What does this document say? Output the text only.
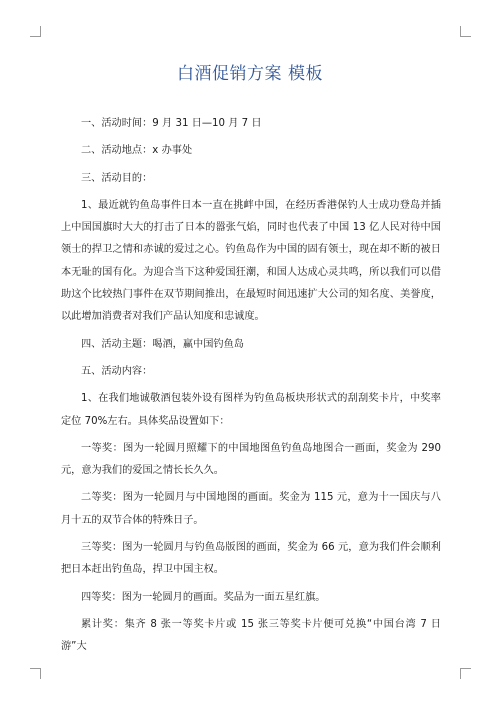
白酒促销方案 模板

一、活动时间：9 月 31 日—10 月 7 日

二、活动地点：x 办事处

三、活动目的：

1、最近就钓鱼岛事件日本一直在挑衅中国，在经历香港保钓人士成功登岛并插上中国国旗时大大的打击了日本的嚣张气焰，同时也代表了中国 13 亿人民对待中国领士的捍卫之情和赤诚的爱过之心。钓鱼岛作为中国的固有领士，现在却不断的被日本无耻的国有化。为迎合当下这种爱国狂潮，和国人达成心灵共鸣，所以我们可以借助这个比较热门事件在双节期间推出，在最短时间迅速扩大公司的知名度、美誉度，以此增加消费者对我们产品认知度和忠诚度。

四、活动主题：喝酒，赢中国钓鱼岛

五、活动内容：

1、在我们地诚敬酒包装外设有图样为钓鱼岛板块形状式的刮刮奖卡片，中奖率定位 70%左右。具体奖品设置如下：

一等奖：图为一轮圆月照耀下的中国地图鱼钓鱼岛地图合一画面，奖金为 290 元，意为我们的爱国之情长长久久。

二等奖：图为一轮圆月与中国地图的画面。奖金为 115 元，意为十一国庆与八月十五的双节合体的特殊日子。

三等奖：图为一轮圆月与钓鱼岛版图的画面，奖金为 66 元，意为我们件会顺利把日本赶出钓鱼岛，捍卫中国主权。

四等奖：图为一轮圆月的画面。奖品为一面五星红旗。

累计奖：集齐 8 张一等奖卡片或 15 张三等奖卡片便可兑换“中国台湾 7 日游”大
